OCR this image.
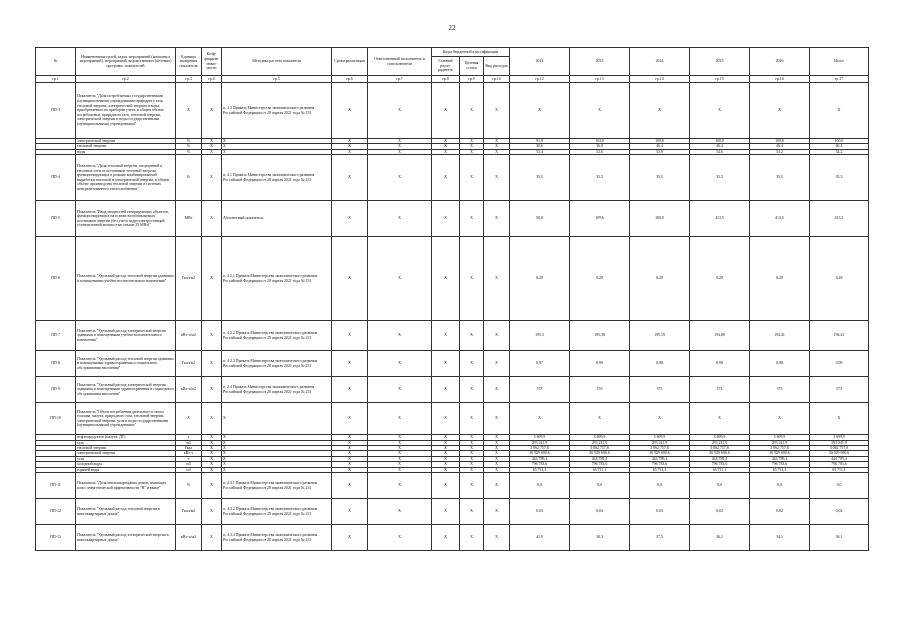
22
№	Наименование целей, задач, мероприятий (комплекса мероприятий), мероприятий, ведомственных (целевых) программ, показателей	Единица измерения показателя	Коэф-фициент значи-мости	Методика расчета показателя	Сроки реализации	Ответственный исполнитель и соисполнители	Коды бюджетной классификации			2022	2023	2024	2025	2026	Итого
							Главный распо-рядитель	Целевая статья	Вид расходов						
гр.1	гр.2	гр.3	гр.4	гр.5	гр.6	гр.7	гр.8	гр.9	гр.10	гр.12	гр.13	гр.14	гр.15	гр.16	гр.17
ПП-3	Показатель "Доля потребляемых государственными (муниципальными) учреждениями природного газа, тепловой энергии, электрической энергии и воды, приобретаемых по приборам учета, в общем объеме потребляемых природного газа, тепловой энергии, электрической энергии и воды государственными (муниципальными) учреждениями"	X	X	п. 3.3 Приказа Министерства экономического развития Российской Федерации от 28 апреля 2021 года № 231	X	X	X	X	X	X	X	X	X	X	X
	электрической энергии	%	X	X	X	X	X	X	X	91,8	104,0	100,0	100,0	100,0	100,0
	тепловой энергии	%	X	X	X	X	X	X	X	30,6	36,8	46,4	46,4	46,4	46,4
	воды	%	X	X	X	X	X	X	X	53,4	53,6	53,8	54,6	54,2	54,2
ПП-4	Показатель "Доля тепловой энергии, отпущенной в тепловые сети от источников тепловой энергии, функционирующих в режиме комбинированной выработки тепловой и электрической энергии, в общем объеме производства тепловой энергии в системах централизованного теплоснабжения"	%	X	п. 4.1 Приказа Министерства экономического развития Российской Федерации от 28 апреля 2021 года № 231	X	X	X	X	X	35,5	35,5	35,5	35,5	35,5	35,5
ПП-5	Показатель "Ввод мощностей генерирующих объектов, функционирующих на основе возобновляемых источников энергии (без учета гидроэлектростанций установленной мощностью свыше 25 МВт)"	МВт	X	Абсолютный показатель	X	X	X	X	X	50,0	109,6	100,0	413,5	413,5	413,5
ПП-6	Показатель "Удельный расход тепловой энергии зданиями и помещениями учебно-воспитательного назначения"	Гкал/м2	X	п. 4.2.1 Приказа Министерства экономического развития Российской Федерации от 28 апреля 2021 года № 231	X	X	X	X	X	0,28	0,28	0,28	0,28	0,28	0,28
ПП-7	Показатель "Удельный расход электрической энергии зданиями и помещениями учебно-воспитательного назначения"	кВт·ч/м2	X	п. 4.2.2 Приказа Министерства экономического развития Российской Федерации от 28 апреля 2021 года № 231	X	X	X	X	X	195,3	195,38	195,19	194,80	194,41	194,41
ПП-8	Показатель "Удельный расход тепловой энергии зданиями и помещениями здравоохранения и социального обслуживания населения"	Гкал/м2	X	п. 4.2.3 Приказа Министерства экономического развития Российской Федерации от 28 апреля 2021 года № 231	X	X	X	X	X	0,97	0,99	0,98	0,98	0,98	0,98
ПП-9	Показатель "Удельный расход электрической энергии зданиями и помещениями здравоохранения и социального обслуживания населения"	кВт·ч/м2	X	п. 2.4 Приказа Министерства экономического развития Российской Федерации от 28 апреля 2021 года № 231	X	X	X	X	X	578	576	575	574	573	573
ПП-10	Показатель "Объем потребления дизельного и иного топлива, мазута, природного газа, тепловой энергии, электрической энергии, угля и воды государственными (муниципальными) учреждениями"	X	X	X	X	X	X	X	X	X	X	X	X	X	X
	нефтепродуктов (мазута, ДТ)	т	X	X	X	X	X	X	X	3 699,9	3 699,9	3 699,9	3 699,9	3 699,9	3 699,9
	газа	м3	X	X	X	X	X	X	X	293 241,9	293 241,9	293 241,9	293 241,9	293 241,9	293 241,9
	тепловой энергии	Гкал	X	X	X	X	X	X	X	3 062 757,8	3 062 757,8	3 062 757,8	3 062 757,8	3 062 757,8	3 062 757,8
	электрической энергии	кВт·ч	X	X	X	X	X	X	X	30 929 690,6	30 929 690,6	30 929 690,6	30 929 690,6	30 929 690,6	30 929 690,6
	угля	т	X	X	X	X	X	X	X	444 789,4	444 789,4	444 789,4	444 789,4	444 789,4	444 789,4
	холодной воды	м3	X	X	X	X	X	X	X	796 783,6	796 783,6	796 783,6	796 783,6	796 783,6	796 783,6
	горячей воды	м3	X	X	X	X	X	X	X	65 711,1	65 711,1	65 711,1	65 711,1	65 711,1	65 711,1
ПП-11	Показатель "Доля многоквартирных домов, имеющих класс энергетической эффективности "В" и выше"	%	X	п. 4.3.1 Приказа Министерства экономического развития Российской Федерации от 28 апреля 2021 года № 231	X	X	X	X	X	0,0	0,0	0,0	0,0	0,0	0,0
ПП-12	Показатель "Удельный расход тепловой энергии в многоквартирных домах"	Гкал/м2	X	п. 4.3.2 Приказа Министерства экономического развития Российской Федерации от 28 апреля 2021 года № 231	X	X	X	X	X	0,03	0,04	0,03	0,02	0,02	0,02
ПП-13	Показатель "Удельный расход электрической энергии в многоквартирных домах"	кВт·ч/м2	X	п. 4.3.3 Приказа Министерства экономического развития Российской Федерации от 28 апреля 2021 года № 231	X	X	X	X	X	41,0	38,3	37,5	36,1	34,1	36,1
